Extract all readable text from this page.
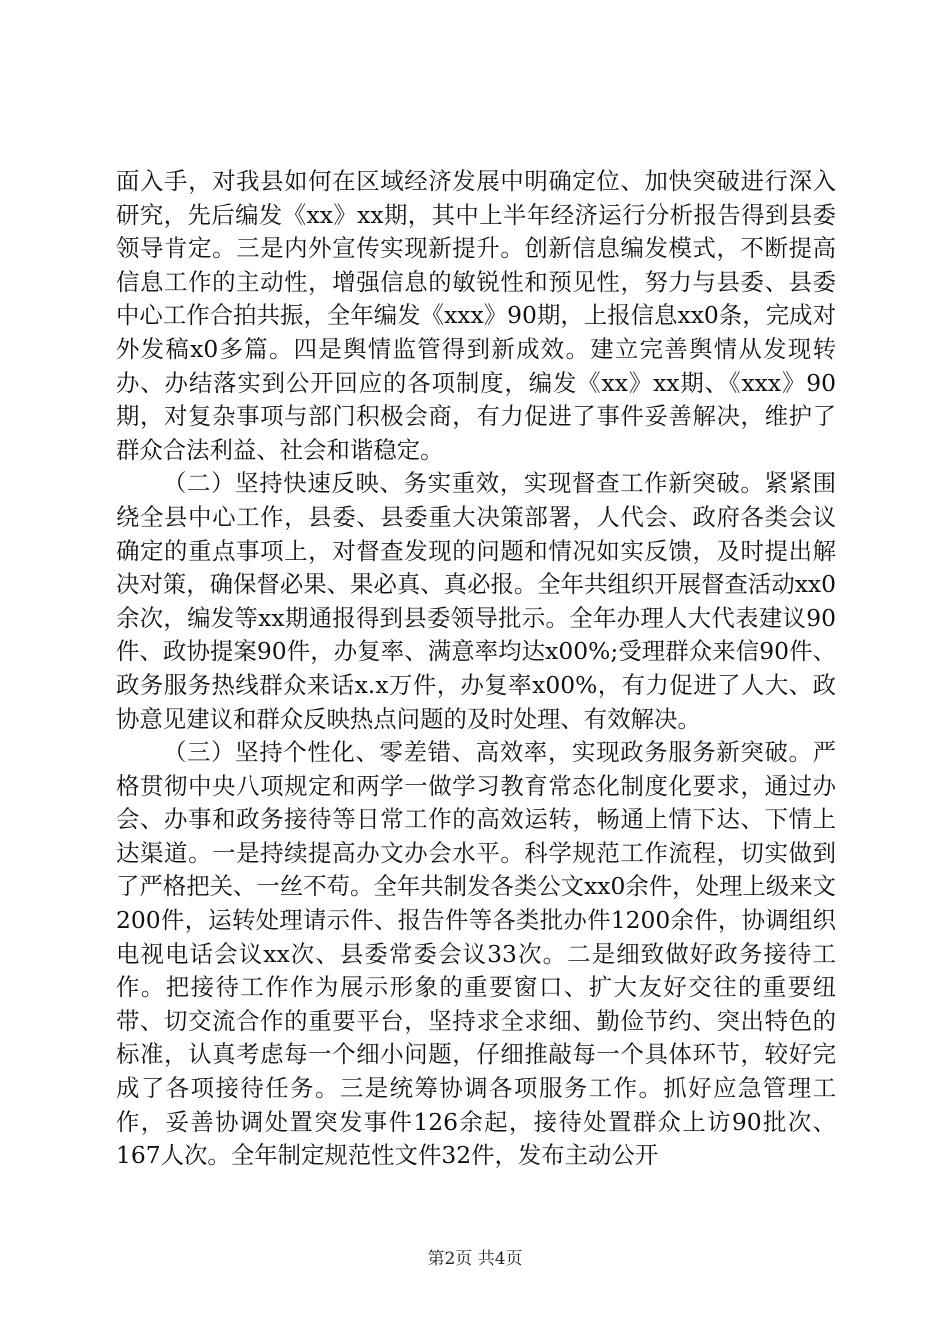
面入手，对我县如何在区域经济发展中明确定位、加快突破进行深入研究，先后编发《xx》xx期，其中上半年经济运行分析报告得到县委领导肯定。三是内外宣传实现新提升。创新信息编发模式，不断提高信息工作的主动性，增强信息的敏锐性和预见性，努力与县委、县委中心工作合拍共振，全年编发《xxx》90期，上报信息xx0条，完成对外发稿x0多篇。四是舆情监管得到新成效。建立完善舆情从发现转办、办结落实到公开回应的各项制度，编发《xx》xx期、《xxx》90期，对复杂事项与部门积极会商，有力促进了事件妥善解决，维护了群众合法利益、社会和谐稳定。

（二）坚持快速反映、务实重效，实现督查工作新突破。紧紧围绕全县中心工作，县委、县委重大决策部署，人代会、政府各类会议确定的重点事项上，对督查发现的问题和情况如实反馈，及时提出解决对策，确保督必果、果必真、真必报。全年共组织开展督查活动xx0余次，编发等xx期通报得到县委领导批示。全年办理人大代表建议90件、政协提案90件，办复率、满意率均达x00%;受理群众来信90件、政务服务热线群众来话x.x万件，办复率x00%，有力促进了人大、政协意见建议和群众反映热点问题的及时处理、有效解决。

（三）坚持个性化、零差错、高效率，实现政务服务新突破。严格贯彻中央八项规定和两学一做学习教育常态化制度化要求，通过办会、办事和政务接待等日常工作的高效运转，畅通上情下达、下情上达渠道。一是持续提高办文办会水平。科学规范工作流程，切实做到了严格把关、一丝不苟。全年共制发各类公文xx0余件，处理上级来文200件，运转处理请示件、报告件等各类批办件1200余件，协调组织电视电话会议xx次、县委常委会议33次。二是细致做好政务接待工作。把接待工作作为展示形象的重要窗口、扩大友好交往的重要纽带、切交流合作的重要平台，坚持求全求细、勤俭节约、突出特色的标准，认真考虑每一个细小问题，仔细推敲每一个具体环节，较好完成了各项接待任务。三是统筹协调各项服务工作。抓好应急管理工作，妥善协调处置突发事件126余起，接待处置群众上访90批次、167人次。全年制定规范性文件32件，发布主动公开

第2页 共4页
